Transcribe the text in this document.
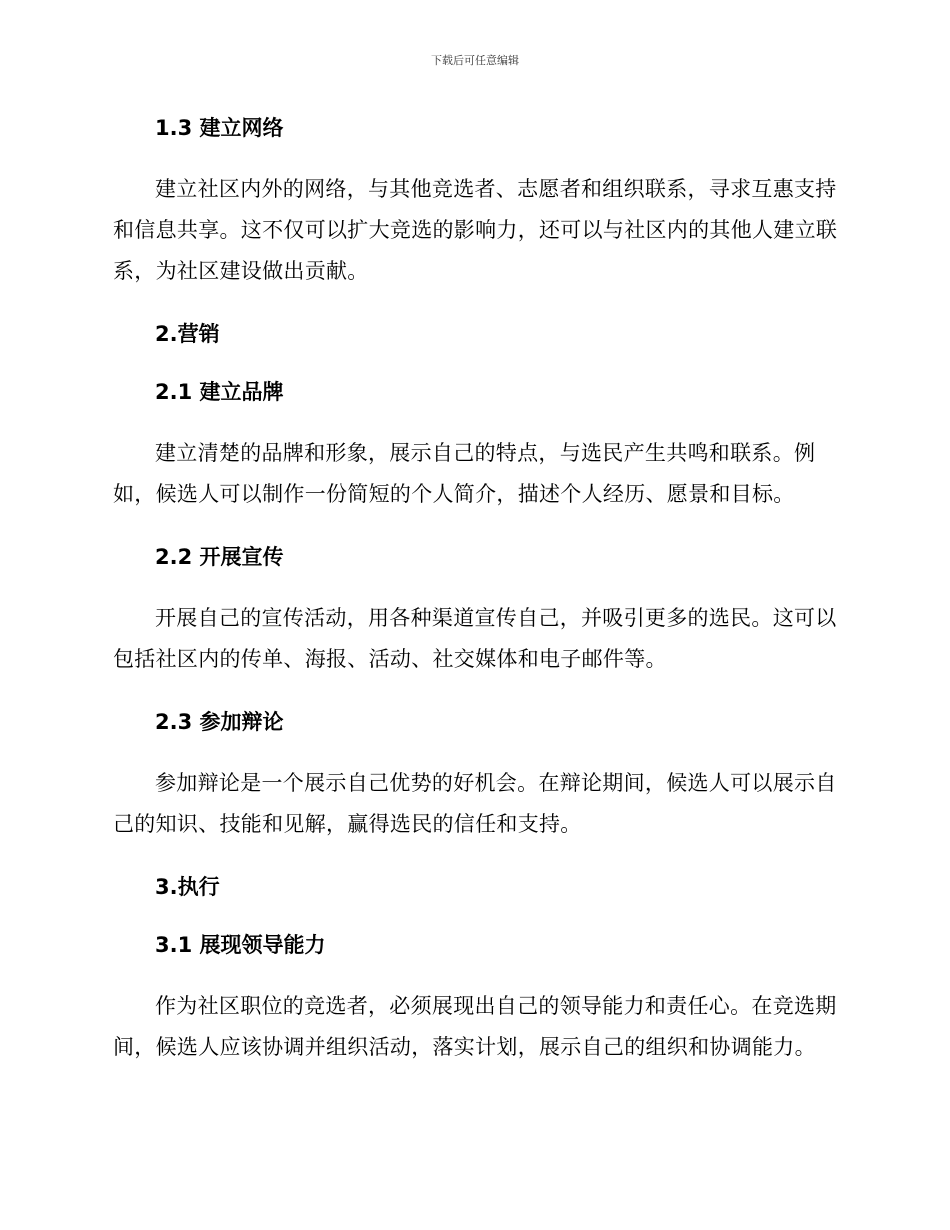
下载后可任意编辑
1.3 建立网络

建立社区内外的网络，与其他竞选者、志愿者和组织联系，寻求互惠支持和信息共享。这不仅可以扩大竞选的影响力，还可以与社区内的其他人建立联系，为社区建设做出贡献。

2.营销
2.1 建立品牌

建立清楚的品牌和形象，展示自己的特点，与选民产生共鸣和联系。例如，候选人可以制作一份简短的个人简介，描述个人经历、愿景和目标。

2.2 开展宣传

开展自己的宣传活动，用各种渠道宣传自己，并吸引更多的选民。这可以包括社区内的传单、海报、活动、社交媒体和电子邮件等。

2.3 参加辩论

参加辩论是一个展示自己优势的好机会。在辩论期间，候选人可以展示自己的知识、技能和见解，赢得选民的信任和支持。

3.执行
3.1 展现领导能力

作为社区职位的竞选者，必须展现出自己的领导能力和责任心。在竞选期间，候选人应该协调并组织活动，落实计划，展示自己的组织和协调能力。
